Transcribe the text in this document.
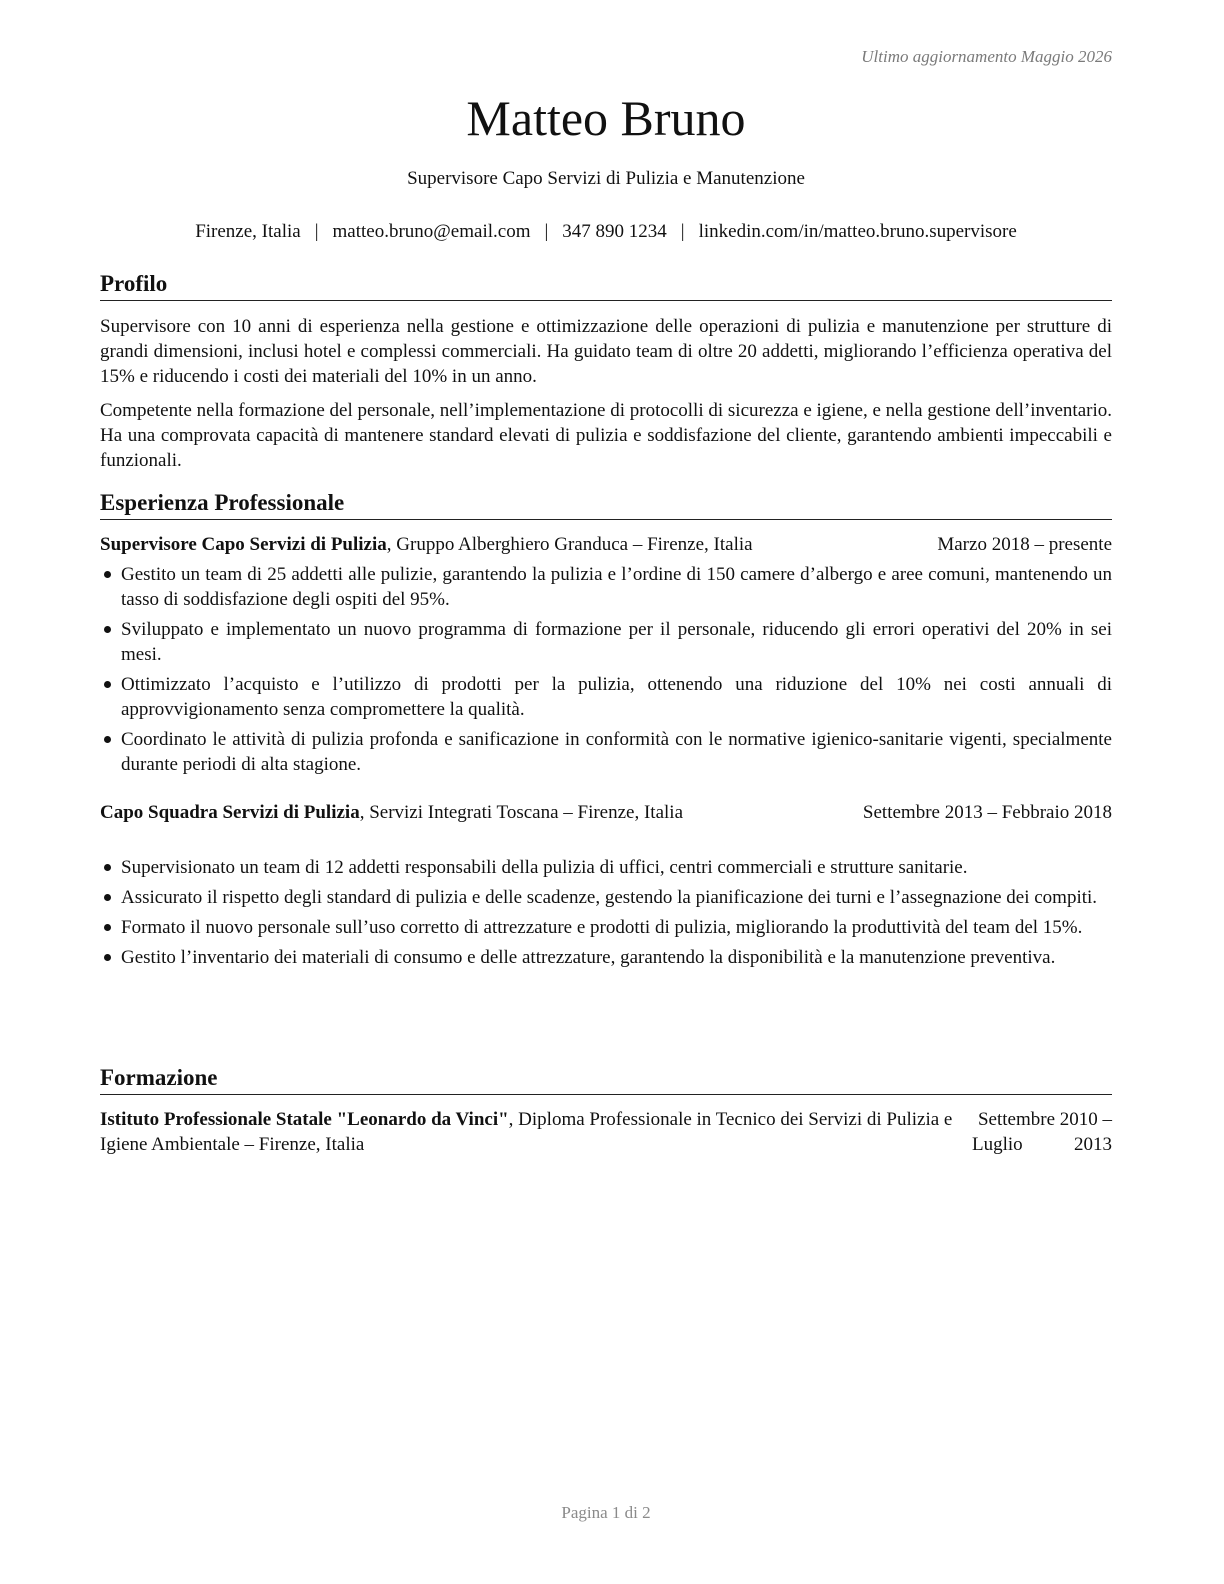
Ultimo aggiornamento Maggio 2026
Matteo Bruno
Supervisore Capo Servizi di Pulizia e Manutenzione
Firenze, Italia | matteo.bruno@email.com | 347 890 1234 | linkedin.com/in/matteo.bruno.supervisore
Profilo

Supervisore con 10 anni di esperienza nella gestione e ottimizzazione delle operazioni di pulizia e manutenzione per strutture di grandi dimensioni, inclusi hotel e complessi commerciali. Ha guidato team di oltre 20 addetti, migliorando l’efficienza operativa del 15% e riducendo i costi dei materiali del 10% in un anno.

Competente nella formazione del personale, nell’implementazione di protocolli di sicurezza e igiene, e nella gestione dell’inventario. Ha una comprovata capacità di mantenere standard elevati di pulizia e soddisfazione del cliente, garantendo ambienti impeccabili e funzionali.

Esperienza Professionale
Supervisore Capo Servizi di Pulizia, Gruppo Alberghiero Granduca – Firenze, Italia	Marzo 2018 – presente
Gestito un team di 25 addetti alle pulizie, garantendo la pulizia e l’ordine di 150 camere d’albergo e aree comuni, mantenendo un tasso di soddisfazione degli ospiti del 95%.
Sviluppato e implementato un nuovo programma di formazione per il personale, riducendo gli errori operativi del 20% in sei mesi.
Ottimizzato l’acquisto e l’utilizzo di prodotti per la pulizia, ottenendo una riduzione del 10% nei costi annuali di approvvigionamento senza compromettere la qualità.
Coordinato le attività di pulizia profonda e sanificazione in conformità con le normative igienico-sanitarie vigenti, specialmente durante periodi di alta stagione.
Capo Squadra Servizi di Pulizia, Servizi Integrati Toscana – Firenze, Italia	Settembre 2013 – Febbraio 2018
Supervisionato un team di 12 addetti responsabili della pulizia di uffici, centri commerciali e strutture sanitarie.
Assicurato il rispetto degli standard di pulizia e delle scadenze, gestendo la pianificazione dei turni e l’assegnazione dei compiti.
Formato il nuovo personale sull’uso corretto di attrezzature e prodotti di pulizia, migliorando la produttività del team del 15%.
Gestito l’inventario dei materiali di consumo e delle attrezzature, garantendo la disponibilità e la manutenzione preventiva.
Formazione
Istituto Professionale Statale "Leonardo da Vinci", Diploma Professionale in Tecnico dei Servizi di Pulizia e Igiene Ambientale – Firenze, Italia
Settembre 2010 – Luglio 2013
Pagina 1 di 2
